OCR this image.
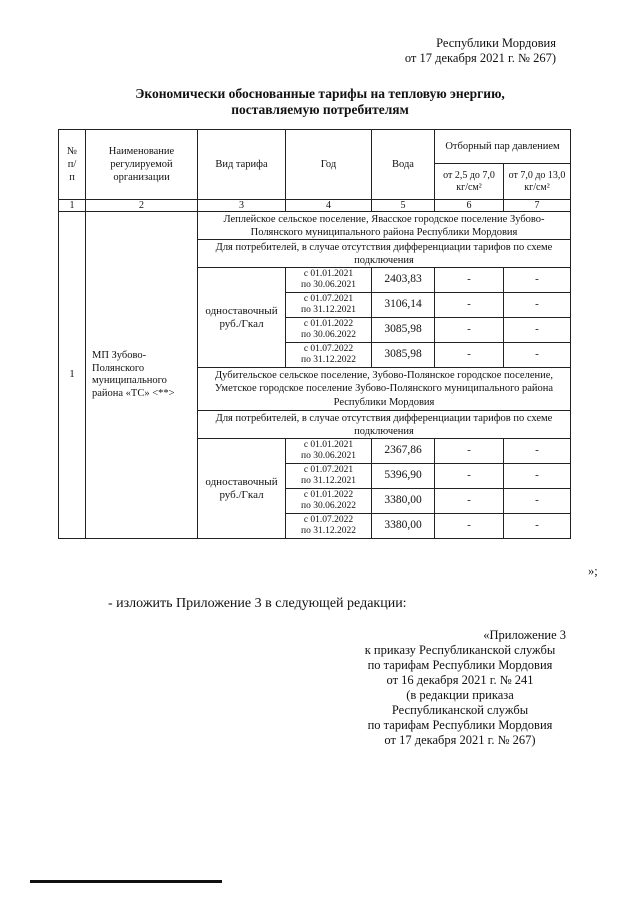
Республики Мордовия
от 17 декабря 2021 г. № 267)
Экономически обоснованные тарифы на тепловую энергию,
поставляемую потребителям
№
п/
п	Наименование регулируемой организации	Вид тарифа	Год	Вода	Отборный пар давлением	
					от 2,5 до 7,0 кг/см²	от 7,0 до 13,0 кг/см²
1	2	3	4	5	6	7
1	МП Зубово-Полянского муниципального района «ТС» <**>	Леплейское сельское поселение, Явасское городское поселение Зубово-Полянского муниципального района Республики Мордовия				
		Для потребителей, в случае отсутствия дифференциации тарифов по схеме подключения				
		одноставочный руб./Гкал	с 01.01.2021
по 30.06.2021	2403,83	-	-

			с 01.07.2021
по 31.12.2021	3106,14	-	-

			с 01.01.2022
по 30.06.2022	3085,98	-	-

			с 01.07.2022
по 31.12.2022	3085,98	-	-
		Дубительское сельское поселение, Зубово-Полянское городское поселение, Уметское городское поселение Зубово-Полянского муниципального района Республики Мордовия				
		Для потребителей, в случае отсутствия дифференциации тарифов по схеме подключения				
		одноставочный руб./Гкал	с 01.01.2021
по 30.06.2021	2367,86	-	-

			с 01.07.2021
по 31.12.2021	5396,90	-	-

			с 01.01.2022
по 30.06.2022	3380,00	-	-

			с 01.07.2022
по 31.12.2022	3380,00	-	-
»;
- изложить Приложение 3 в следующей редакции:
«Приложение 3
к приказу Республиканской службы
по тарифам Республики Мордовия
от 16 декабря 2021 г. № 241
(в редакции приказа
Республиканской службы
по тарифам Республики Мордовия
от 17 декабря 2021 г. № 267)
